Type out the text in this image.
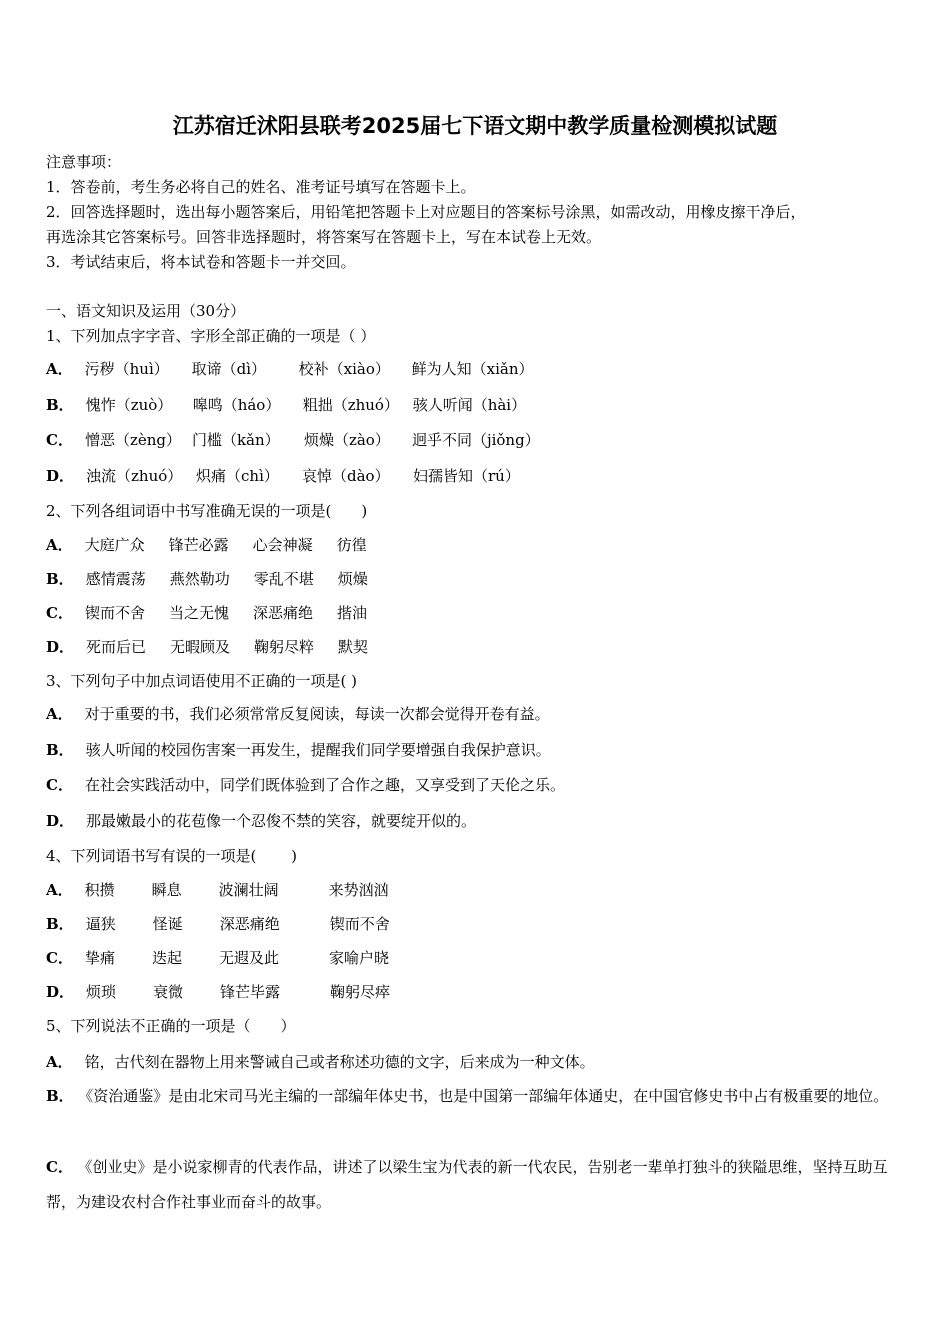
江苏宿迁沭阳县联考2025届七下语文期中教学质量检测模拟试题
注意事项：
1．答卷前，考生务必将自己的姓名、准考证号填写在答题卡上。
2．回答选择题时，选出每小题答案后，用铅笔把答题卡上对应题目的答案标号涂黑，如需改动，用橡皮擦干净后，
再选涂其它答案标号。回答非选择题时，将答案写在答题卡上，写在本试卷上无效。
3．考试结束后，将本试卷和答题卡一并交回。
一、语文知识及运用（30分）
1、下列加点字字音、字形全部正确的一项是（ ）
A． 污秽（huì） 取谛（dì） 校补（xiào） 鲜为人知（xiǎn）
B． 愧怍（zuò） 嗥鸣（háo） 粗拙（zhuó） 骇人听闻（hài）
C． 憎恶（zèng） 门槛（kǎn） 烦燥（zào） 迥乎不同（jiǒng）
D． 浊流（zhuó） 炽痛（chì） 哀悼（dào） 妇孺皆知（rú）
2、下列各组词语中书写准确无误的一项是(　　)
A． 大庭广众 锋芒必露 心会神凝 彷徨
B． 感情震荡 燕然勒功 零乱不堪 烦燥
C． 锲而不舍 当之无愧 深恶痛绝 揩油
D． 死而后已 无暇顾及 鞠躬尽粹 默契
3、下列句子中加点词语使用不正确的一项是( )
A． 对于重要的书，我们必须常常反复阅读，每读一次都会觉得开卷有益。
B． 骇人听闻的校园伤害案一再发生，提醒我们同学要增强自我保护意识。
C． 在社会实践活动中，同学们既体验到了合作之趣，又享受到了天伦之乐。
D． 那最嫩最小的花苞像一个忍俊不禁的笑容，就要绽开似的。
4、下列词语书写有误的一项是(　　 )
A． 积攒 瞬息 波澜壮阔	来势汹汹
B． 逼狭 怪诞 深恶痛绝	锲而不舍
C． 挚痛 迭起 无遐及此	家喻户晓
D． 烦琐 衰微 锋芒毕露	鞠躬尽瘁
5、下列说法不正确的一项是（　　）
A． 铭，古代刻在器物上用来警诫自己或者称述功德的文字，后来成为一种文体。
B． 《资治通鉴》是由北宋司马光主编的一部编年体史书，也是中国第一部编年体通史，在中国官修史书中占有极重要的地位。
C． 《创业史》是小说家柳青的代表作品，讲述了以梁生宝为代表的新一代农民，告别老一辈单打独斗的狭隘思维，坚持互助互帮，为建设农村合作社事业而奋斗的故事。
